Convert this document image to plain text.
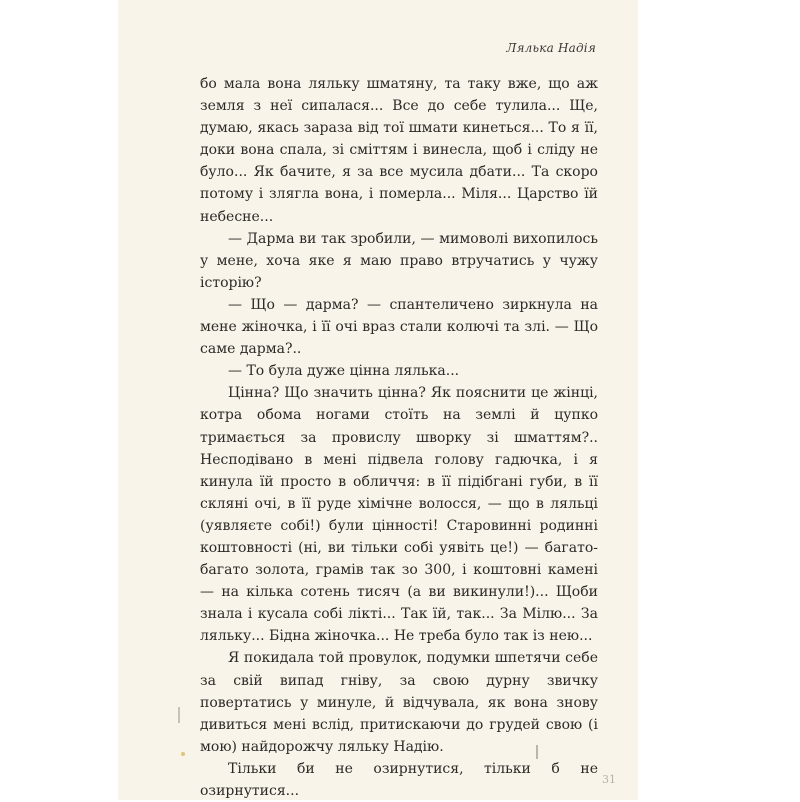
Лялька Надія

бо мала вона ляльку шматяну, та таку вже, що аж земля з неї сипалася... Все до себе тулила... Ще, думаю, якась зараза від тої шмати кинеться... То я її, доки вона спала, зі сміттям і винесла, щоб і сліду не було... Як бачите, я за все мусила дбати... Та скоро потому і злягла вона, і померла... Міля... Царство їй небесне...

— Дарма ви так зробили, — мимоволі вихопилось у мене, хоча яке я маю право втручатись у чужу історію?

— Що — дарма? — спантеличено зиркнула на мене жіночка, і її очі враз стали колючі та злі. — Що саме дарма?..

— То була дуже цінна лялька...

Цінна? Що значить цінна? Як пояснити це жінці, котра обома ногами стоїть на землі й цупко тримається за провислу шворку зі шматтям?.. Несподівано в мені підвела голову гадючка, і я кинула їй просто в обличчя: в її підібгані губи, в її скляні очі, в її руде хімічне волосся, — що в ляльці (уявляєте собі!) були цінності! Старовинні родинні коштовності (ні, ви тільки собі уявіть це!) — багато-багато золота, грамів так зо 300, і коштовні камені — на кілька сотень тисяч (а ви викинули!)... Щоби знала і кусала собі лікті... Так їй, так... За Мілю... За ляльку... Бідна жіночка... Не треба було так із нею...

Я покидала той провулок, подумки шпетячи себе за свій випад гніву, за свою дурну звичку повертатись у минуле, й відчувала, як вона знову дивиться мені вслід, притискаючи до грудей свою (і мою) найдорожчу ляльку Надію.

Тільки би не озирнутися, тільки б не озирнутися...

31
